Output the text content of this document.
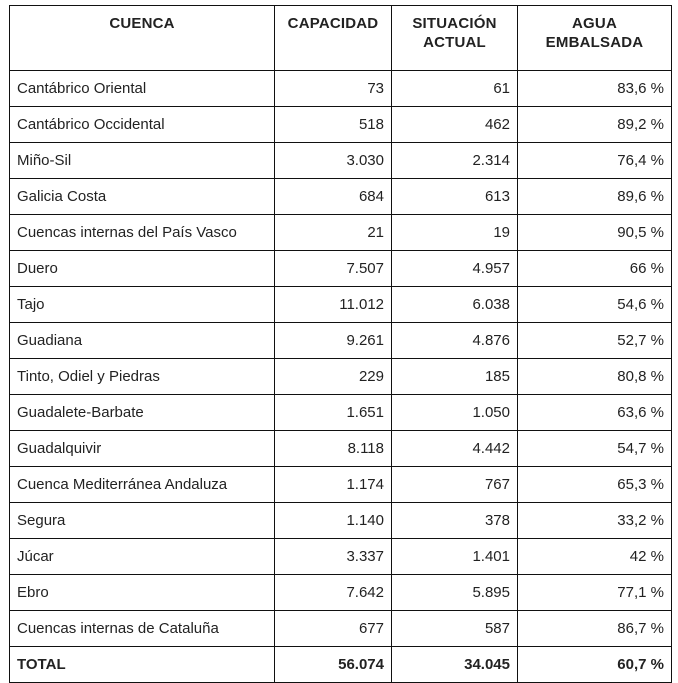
CUENCA	CAPACIDAD	SITUACIÓN ACTUAL	AGUA EMBALSADA
Cantábrico Oriental	73	61	83,6 %
Cantábrico Occidental	518	462	89,2 %
Miño-Sil	3.030	2.314	76,4 %
Galicia Costa	684	613	89,6 %
Cuencas internas del País Vasco	21	19	90,5 %
Duero	7.507	4.957	66 %
Tajo	11.012	6.038	54,6 %
Guadiana	9.261	4.876	52,7 %
Tinto, Odiel y Piedras	229	185	80,8 %
Guadalete-Barbate	1.651	1.050	63,6 %
Guadalquivir	8.118	4.442	54,7 %
Cuenca Mediterránea Andaluza	1.174	767	65,3 %
Segura	1.140	378	33,2 %
Júcar	3.337	1.401	42 %
Ebro	7.642	5.895	77,1 %
Cuencas internas de Cataluña	677	587	86,7 %
TOTAL	56.074	34.045	60,7 %
